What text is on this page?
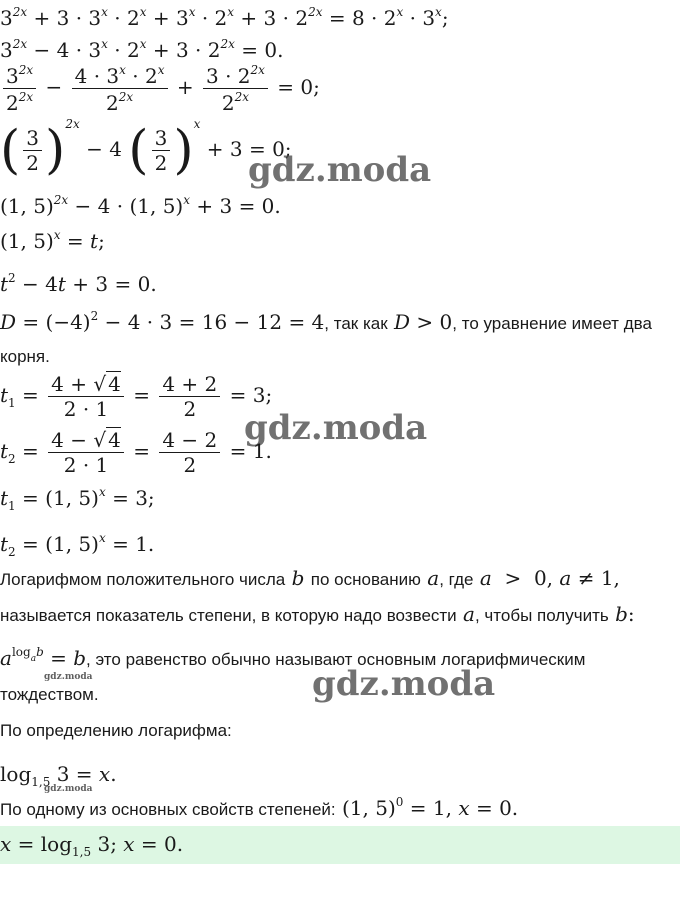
$3^{2x} + 3 \cdot 3^x \cdot 2^x + 3^x \cdot 2^x + 3 \cdot 2^{2x} = 8 \cdot 2^x \cdot 3^x$;
$3^{2x} - 4 \cdot 3^x \cdot 2^x + 3 \cdot 2^{2x} = 0$.
$\frac{3^{2x}}{2^{2x}} - \frac{4 \cdot 3^x \cdot 2^x}{2^{2x}} + \frac{3 \cdot 2^{2x}}{2^{2x}} = 0$;
( $\frac{3}{2} )^{2x} - 4$ ( $\frac{3}{2} )^x + 3 = 0$;
gdz.moda
(1, 5)$^{2x}$ − 4 · (1, 5)$^x$ + 3 = 0.
(1, 5)$^x$ = t;
$t^2 - 4t + 3 = 0$.
$D = (-4)^2 - 4 \cdot 3 = 16 - 12 = 4$, так как D > 0, то уравнение имеет два
корня.
$t_1 = \frac{4 + √ 4}{2 \cdot 1} = \frac{4 + 2}{2} = 3$;
gdz.moda
$t_2 = \frac{4 - √ 4}{2 \cdot 1} = \frac{4 - 2}{2} = 1$.
$t_1 = (1$, 5)$^x$ = 3;
$t_2 = (1$, 5)$^x$ = 1.
Логарифмом положительного числа b по основанию a, где a  >  0, a ≠ 1,
называется показатель степени, в которую надо возвести a, чтобы получить b:
$a^{log_ab} = b$, это равенство обычно называют основным логарифмическим
gdz.moda
тождеством.	gdz.moda
По определению логарифма:
$\log_{1,5} 3 = x$.
gdz.moda
По одному из основных свойств степеней: (1, 5)$^0$ = 1, x = 0.
$x = \log_{1,5} 3$; x = 0.
